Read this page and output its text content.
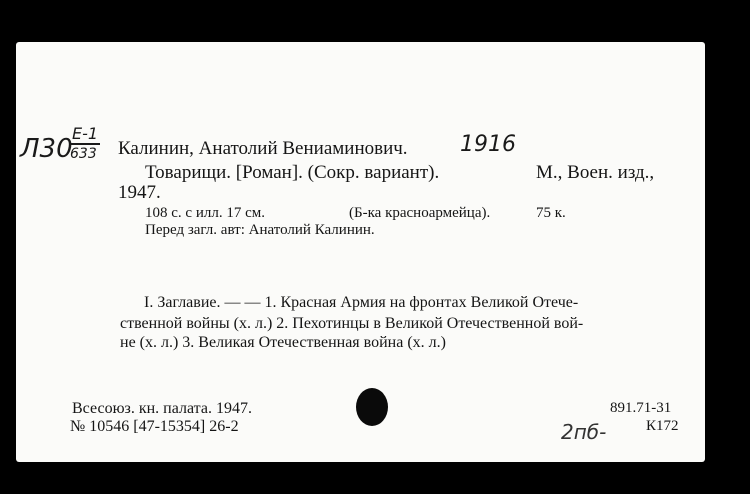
Л30
Е-1
633 Калинин, Анатолий Вениаминович. 1916
Товарищи. [Роман]. (Сокр. вариант).	М., Воен. изд.,
1947.
108 с. с илл. 17 см.	(Б-ка красноармейца).	75 к.
Перед загл. авт: Анатолий Калинин.
I. Заглавие. — — 1. Красная Армия на фронтах Великой Отече-
ственной войны (х. л.) 2. Пехотинцы в Великой Отечественной вой-
не (х. л.) 3. Великая Отечественная война (х. л.)
Всесоюз. кн. палата. 1947.
№ 10546 [47-15354] 26-2
891.71-31
2пб-	К172
